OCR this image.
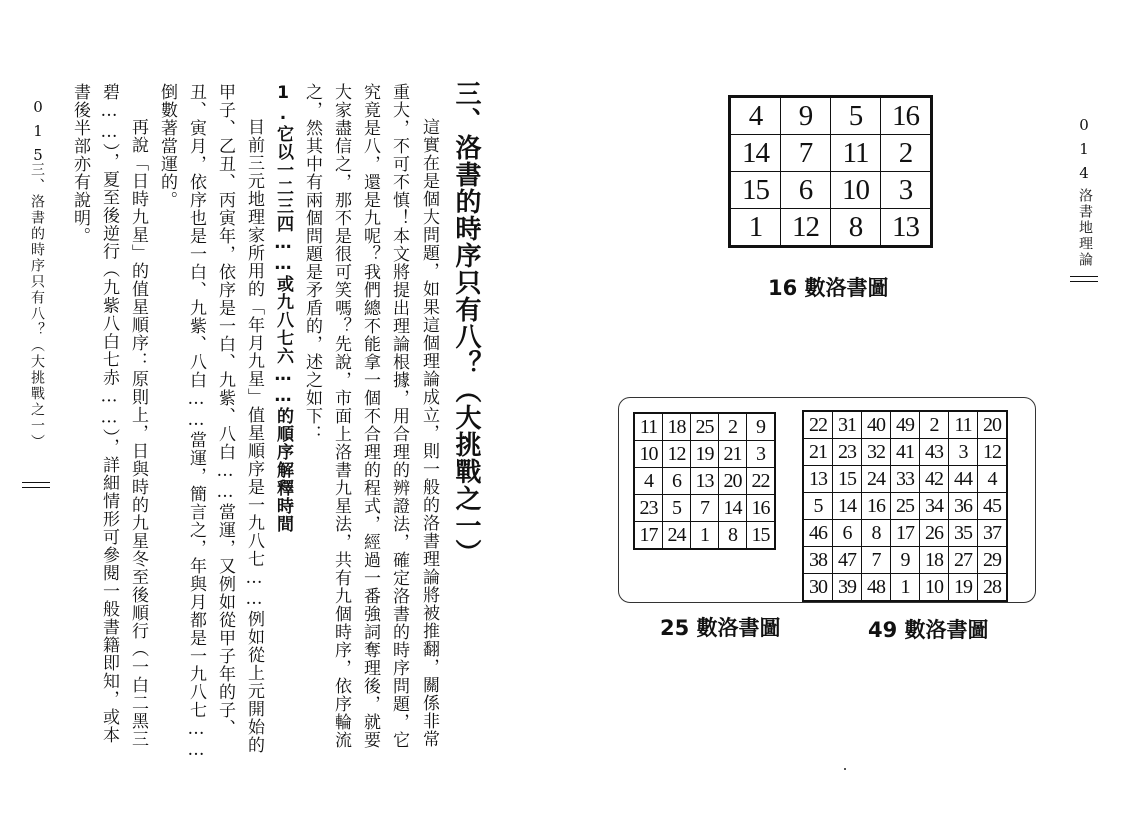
三、洛書的時序只有八？（大挑戰之一）
這實在是個大問題，如果這個理論成立，則一般的洛書理論將被推翻，關係非常
重大，不可不慎！本文將提出理論根據，用合理的辨證法，確定洛書的時序問題，它
究竟是八，還是九呢？我們總不能拿一個不合理的程式，經過一番強詞奪理後，就要
大家盡信之，那不是很可笑嗎？先說，市面上洛書九星法，共有九個時序，依序輪流
之，然其中有兩個問題是矛盾的，述之如下：
1.它以一二三四……或九八七六……的順序解釋時間
目前三元地理家所用的「年月九星」值星順序是一九八七……例如從上元開始的
甲子、乙丑、丙寅年，依序是一白、九紫、八白……當運，又例如從甲子年的子、
丑、寅月，依序也是一白、九紫、八白……當運，簡言之，年與月都是一九八七……
倒數著當運的。
再說「日時九星」的值星順序：原則上，日與時的九星冬至後順行（一白二黑三
碧……），夏至後逆行（九紫八白七赤……），詳細情形可參閱一般書籍即知，或本
書後半部亦有說明。
015
三、洛書的時序只有八？（大挑戰之一）
014
洛書地理論
4	9	5	16
14	7	11	2
15	6	10	3
1	12	8	13
16 數洛書圖
11	18	25	2	9
10	12	19	21	3
4	6	13	20	22
23	5	7	14	16
17	24	1	8	15
22	31	40	49	2	11	20
21	23	32	41	43	3	12
13	15	24	33	42	44	4
5	14	16	25	34	36	45
46	6	8	17	26	35	37
38	47	7	9	18	27	29
30	39	48	1	10	19	28
25 數洛書圖	49 數洛書圖
